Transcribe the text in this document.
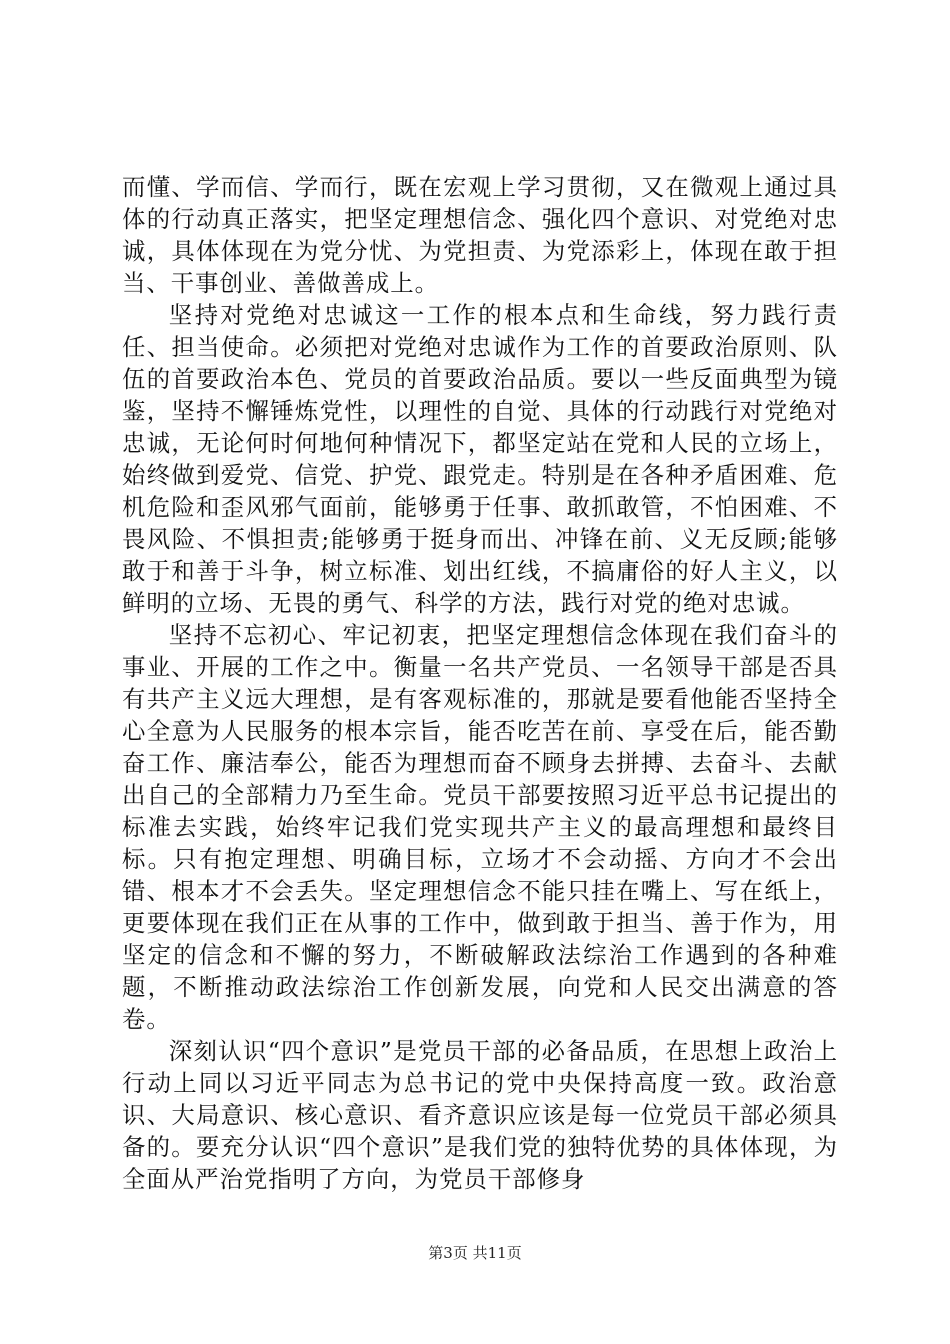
而懂、学而信、学而行，既在宏观上学习贯彻，又在微观上通过具体的行动真正落实，把坚定理想信念、强化四个意识、对党绝对忠诚，具体体现在为党分忧、为党担责、为党添彩上，体现在敢于担当、干事创业、善做善成上。

坚持对党绝对忠诚这一工作的根本点和生命线，努力践行责任、担当使命。必须把对党绝对忠诚作为工作的首要政治原则、队伍的首要政治本色、党员的首要政治品质。要以一些反面典型为镜鉴，坚持不懈锤炼党性，以理性的自觉、具体的行动践行对党绝对忠诚，无论何时何地何种情况下，都坚定站在党和人民的立场上，始终做到爱党、信党、护党、跟党走。特别是在各种矛盾困难、危机危险和歪风邪气面前，能够勇于任事、敢抓敢管，不怕困难、不畏风险、不惧担责;能够勇于挺身而出、冲锋在前、义无反顾;能够敢于和善于斗争，树立标准、划出红线，不搞庸俗的好人主义，以鲜明的立场、无畏的勇气、科学的方法，践行对党的绝对忠诚。

坚持不忘初心、牢记初衷，把坚定理想信念体现在我们奋斗的事业、开展的工作之中。衡量一名共产党员、一名领导干部是否具有共产主义远大理想，是有客观标准的，那就是要看他能否坚持全心全意为人民服务的根本宗旨，能否吃苦在前、享受在后，能否勤奋工作、廉洁奉公，能否为理想而奋不顾身去拼搏、去奋斗、去献出自己的全部精力乃至生命。党员干部要按照习近平总书记提出的标准去实践，始终牢记我们党实现共产主义的最高理想和最终目标。只有抱定理想、明确目标，立场才不会动摇、方向才不会出错、根本才不会丢失。坚定理想信念不能只挂在嘴上、写在纸上，更要体现在我们正在从事的工作中，做到敢于担当、善于作为，用坚定的信念和不懈的努力，不断破解政法综治工作遇到的各种难题，不断推动政法综治工作创新发展，向党和人民交出满意的答卷。

深刻认识“四个意识”是党员干部的必备品质，在思想上政治上行动上同以习近平同志为总书记的党中央保持高度一致。政治意识、大局意识、核心意识、看齐意识应该是每一位党员干部必须具备的。要充分认识“四个意识”是我们党的独特优势的具体体现，为全面从严治党指明了方向，为党员干部修身

第3页 共11页
